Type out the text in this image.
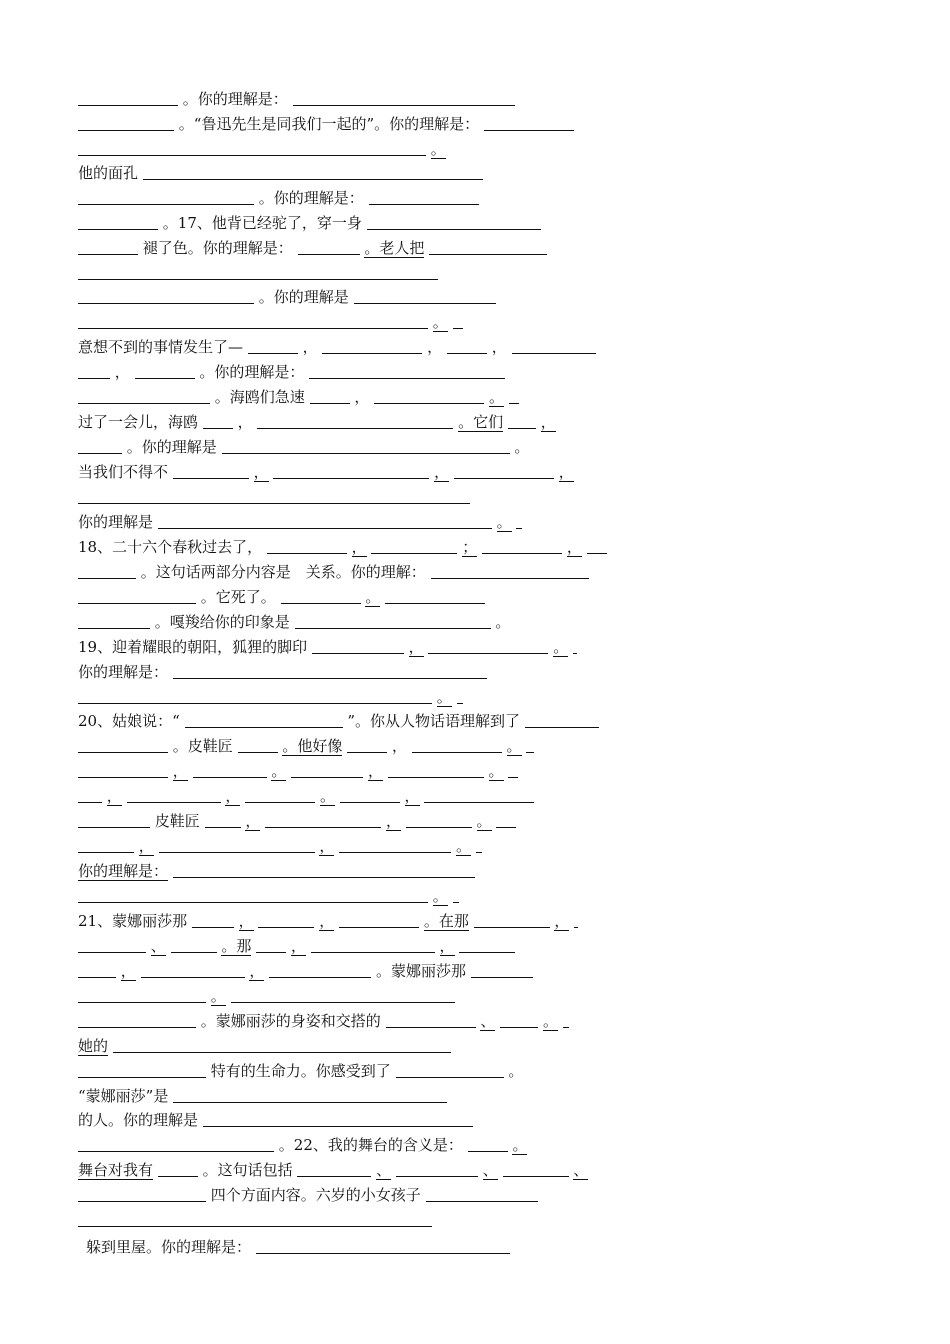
。你的理解是：
。“鲁迅先生是同我们一起的”。你的理解是：
。
他的面孔
。你的理解是：
。17、他背已经驼了，穿一身
褪了色。你的理解是：	。老人把
。你的理解是
。
意想不到的事情发生了—	，	，	，
，	。你的理解是：
。海鸥们急速	，	。
过了一会儿，海鸥	，	。它们	，
。你的理解是	。
当我们不得不	，	，	，
你的理解是	。
18、二十六个春秋过去了，	，	；	，
。这句话两部分内容是　关系。你的理解：
。它死了。	。
。嘎羧给你的印象是	。
19、迎着耀眼的朝阳，狐狸的脚印	，	。
你的理解是：
。
20、姑娘说：“	”。你从人物话语理解到了
。皮鞋匠	。他好像	，	。
，	。	，	。
，	，	。	，
皮鞋匠	，	，	。
，	，	。
你的理解是：
。
21、蒙娜丽莎那	，	，	。在那	，
、	。那	，	，
，	，	。蒙娜丽莎那
。
。蒙娜丽莎的身姿和交搭的	、	。
她的
特有的生命力。你感受到了	。
“蒙娜丽莎”是
的人。你的理解是
。22、我的舞台的含义是：	。
舞台对我有	。这句话包括	、	、	、
四个方面内容。六岁的小女孩子
躲到里屋。你的理解是：
